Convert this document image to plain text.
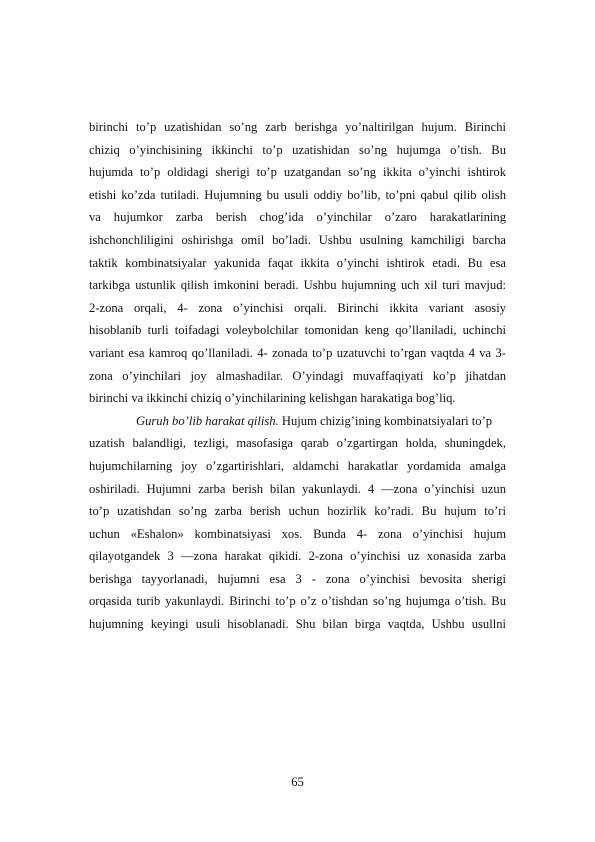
birinchi to’p uzatishidan so’ng zarb berishga yo’naltirilgan hujum. Birinchi
chiziq o’yinchisining ikkinchi to’p uzatishidan so’ng hujumga o’tish. Bu
hujumda to’p oldidagi sherigi to’p uzatgandan so’ng ikkita o’yinchi ishtirok
etishi ko’zda tutiladi. Hujumning bu usuli oddiy bo’lib, to’pni qabul qilib olish
va hujumkor zarba berish chog’ida o’yinchilar o’zaro harakatlarining
ishchonchliligini oshirishga omil bo’ladi. Ushbu usulning kamchiligi barcha
taktik kombinatsiyalar yakunida faqat ikkita o’yinchi ishtirok etadi. Bu esa
tarkibga ustunlik qilish imkonini beradi. Ushbu hujumning uch xil turi mavjud:
2-zona orqali, 4- zona o’yinchisi orqali. Birinchi ikkita variant asosiy
hisoblanib turli toifadagi voleybolchilar tomonidan keng qo’llaniladi, uchinchi
variant esa kamroq qo’llaniladi. 4- zonada to’p uzatuvchi to’rgan vaqtda 4 va 3-
zona o’yinchilari joy almashadilar. O’yindagi muvaffaqiyati ko’p jihatdan
birinchi va ikkinchi chiziq o’yinchilarining kelishgan harakatiga bog’liq.
Guruh bo’lib harakat qilish. Hujum chizig’ining kombinatsiyalari to’p
uzatish balandligi, tezligi, masofasiga qarab o’zgartirgan holda, shuningdek,
hujumchilarning joy o’zgartirishlari, aldamchi harakatlar yordamida amalga
oshiriladi. Hujumni zarba berish bilan yakunlaydi. 4 —zona o’yinchisi uzun
to’p uzatishdan so’ng zarba berish uchun hozirlik ko’radi. Bu hujum to’ri
uchun «Eshalon» kombinatsiyasi xos. Bunda 4- zona o’yinchisi hujum
qilayotgandek 3 —zona harakat qikidi. 2-zona o’yinchisi uz xonasida zarba
berishga tayyorlanadi, hujumni esa 3 - zona o’yinchisi bevosita sherigi
orqasida turib yakunlaydi. Birinchi to’p o’z o’tishdan so’ng hujumga o’tish. Bu
hujumning keyingi usuli hisoblanadi. Shu bilan birga vaqtda, Ushbu usullni
65
